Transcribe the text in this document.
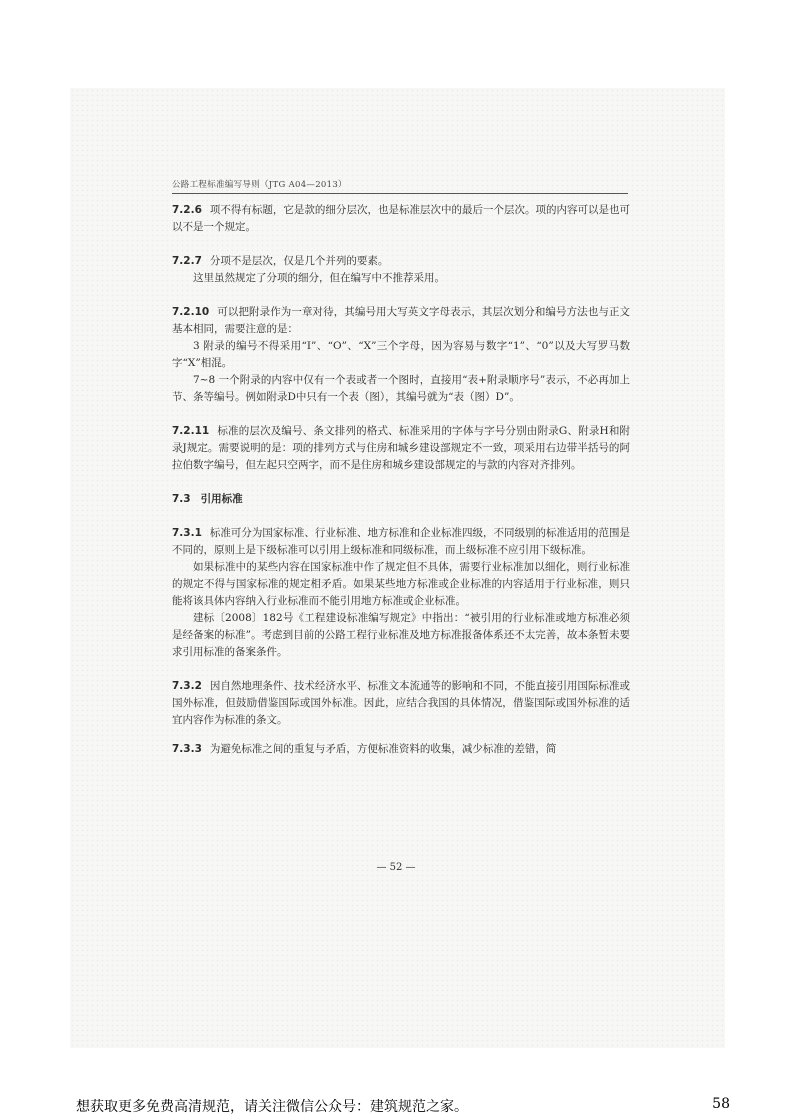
公路工程标准编写导则（JTG A04—2013）

7.2.6 项不得有标题，它是款的细分层次，也是标准层次中的最后一个层次。项的内容可以是也可以不是一个规定。

7.2.7 分项不是层次，仅是几个并列的要素。

这里虽然规定了分项的细分，但在编写中不推荐采用。

7.2.10 可以把附录作为一章对待，其编号用大写英文字母表示，其层次划分和编号方法也与正文基本相同，需要注意的是：

3 附录的编号不得采用“I”、“O”、“X”三个字母，因为容易与数字“1”、“0”以及大写罗马数字“X”相混。

7~8 一个附录的内容中仅有一个表或者一个图时，直接用“表+附录顺序号”表示，不必再加上节、条等编号。例如附录D中只有一个表（图），其编号就为“表（图）D”。

7.2.11 标准的层次及编号、条文排列的格式、标准采用的字体与字号分别由附录G、附录H和附录J规定。需要说明的是：项的排列方式与住房和城乡建设部规定不一致，项采用右边带半括号的阿拉伯数字编号，但左起只空两字，而不是住房和城乡建设部规定的与款的内容对齐排列。

7.3 引用标准

7.3.1 标准可分为国家标准、行业标准、地方标准和企业标准四级，不同级别的标准适用的范围是不同的，原则上是下级标准可以引用上级标准和同级标准，而上级标准不应引用下级标准。

如果标准中的某些内容在国家标准中作了规定但不具体，需要行业标准加以细化，则行业标准的规定不得与国家标准的规定相矛盾。如果某些地方标准或企业标准的内容适用于行业标准，则只能将该具体内容纳入行业标准而不能引用地方标准或企业标准。

建标〔2008〕182号《工程建设标准编写规定》中指出：“被引用的行业标准或地方标准必须是经备案的标准”。考虑到目前的公路工程行业标准及地方标准报备体系还不太完善，故本条暂未要求引用标准的备案条件。

7.3.2 因自然地理条件、技术经济水平、标准文本流通等的影响和不同，不能直接引用国际标准或国外标准，但鼓励借鉴国际或国外标准。因此，应结合我国的具体情况，借鉴国际或国外标准的适宜内容作为标准的条文。

7.3.3 为避免标准之间的重复与矛盾，方便标准资料的收集，减少标准的差错，简

— 52 —
想获取更多免费高清规范，请关注微信公众号：建筑规范之家。	58
